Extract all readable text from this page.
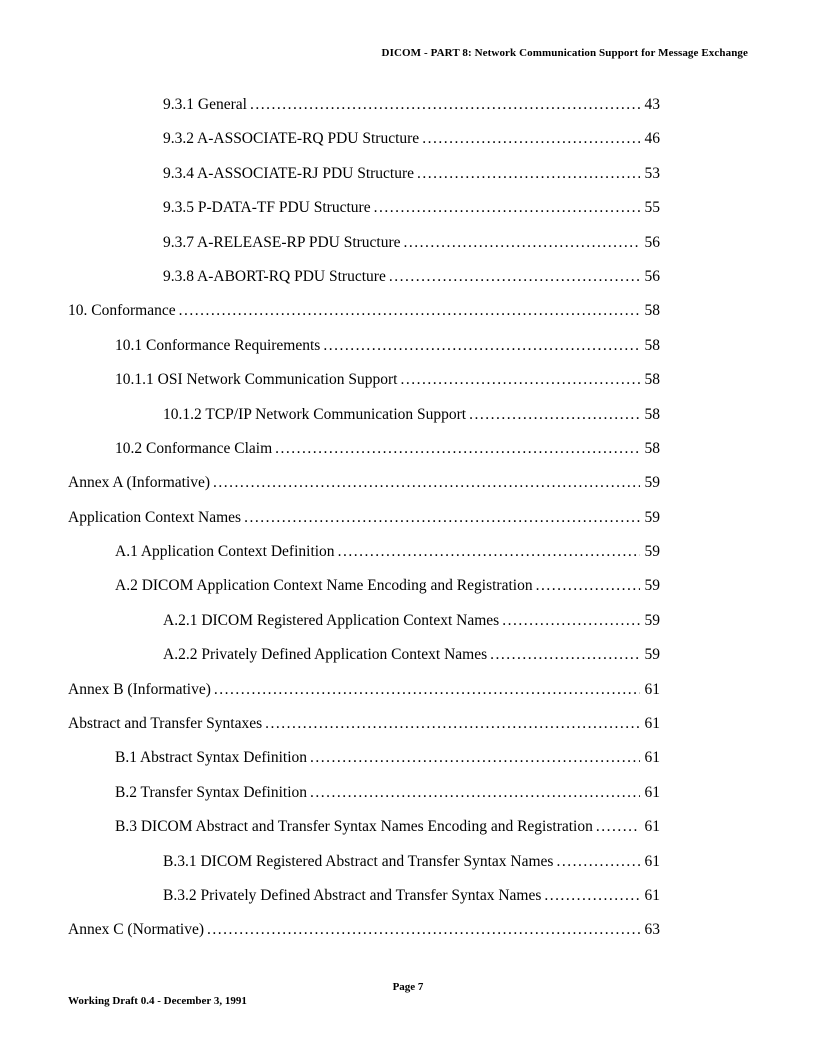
DICOM - PART 8: Network Communication Support for Message Exchange
9.3.1 General .....	43
9.3.2 A-ASSOCIATE-RQ PDU Structure .....	46
9.3.4 A-ASSOCIATE-RJ PDU Structure .....	53
9.3.5 P-DATA-TF PDU Structure .....	55
9.3.7 A-RELEASE-RP PDU Structure .....	56
9.3.8 A-ABORT-RQ PDU Structure .....	56
10. Conformance .....	58
10.1 Conformance Requirements .....	58
10.1.1 OSI Network Communication Support .....	58
10.1.2 TCP/IP Network Communication Support .....	58
10.2 Conformance Claim .....	58
Annex A (Informative) .....	59
Application Context Names .....	59
A.1 Application Context Definition .....	59
A.2 DICOM Application Context Name Encoding and Registration .....	59
A.2.1 DICOM Registered Application Context Names .....	59
A.2.2 Privately Defined Application Context Names .....	59
Annex B (Informative) .....	61
Abstract and Transfer Syntaxes .....	61
B.1 Abstract Syntax Definition .....	61
B.2 Transfer Syntax Definition .....	61
B.3 DICOM Abstract and Transfer Syntax Names Encoding and Registration .....	61
B.3.1 DICOM Registered Abstract and Transfer Syntax Names .....	61
B.3.2 Privately Defined Abstract and Transfer Syntax Names .....	61
Annex C (Normative) .....	63
Page 7
Working Draft 0.4 - December 3, 1991
